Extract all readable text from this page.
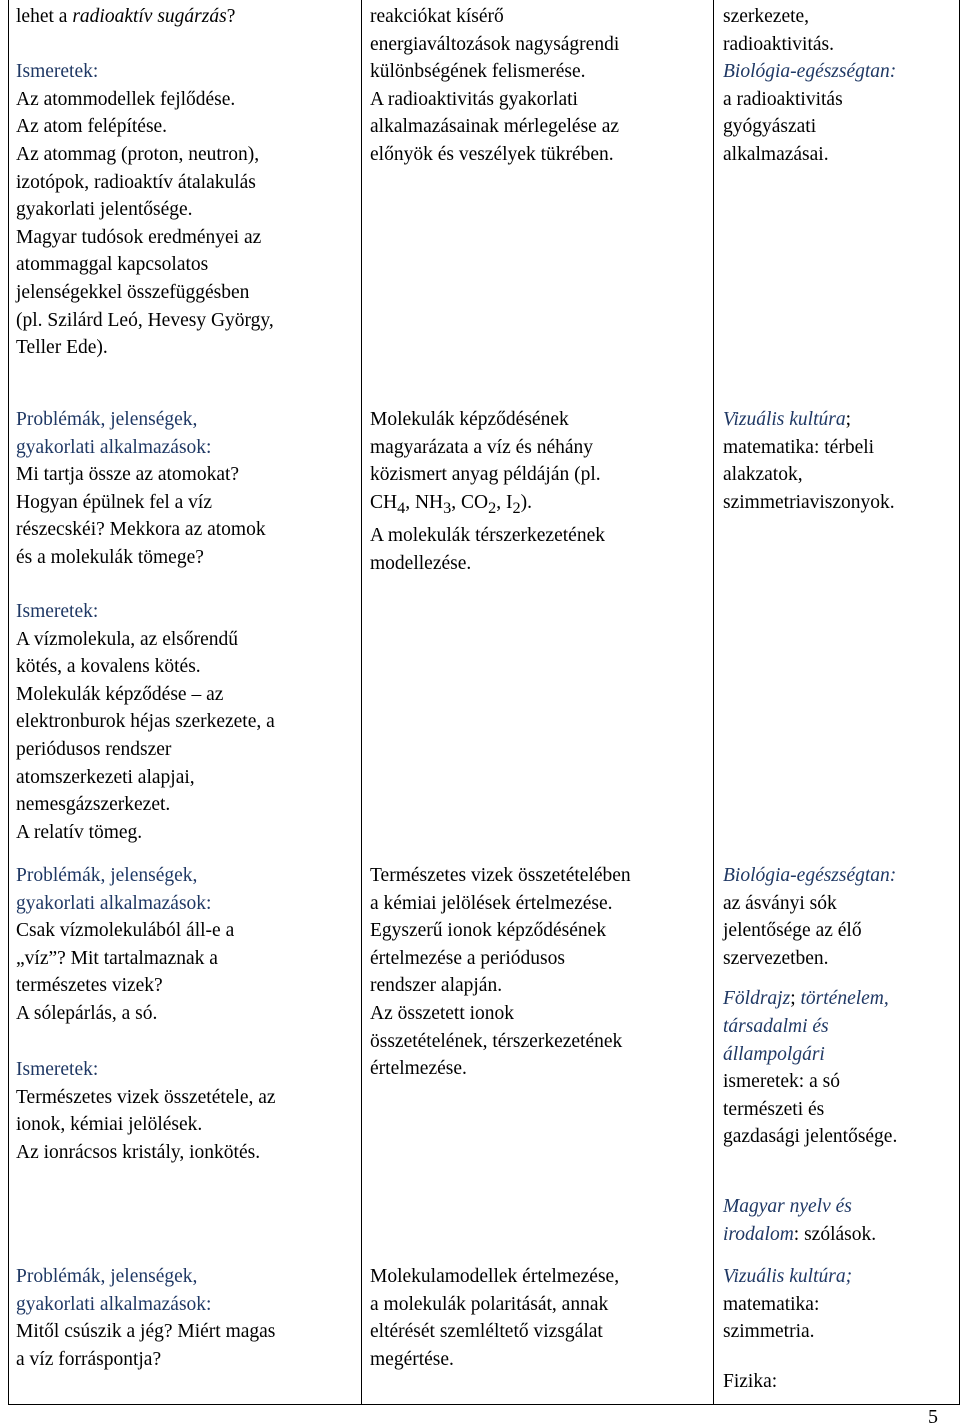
lehet a radioaktív sugárzás?

Ismeretek:

Az atommodellek fejlődése.

Az atom felépítése.

Az atommag (proton, neutron),

izotópok, radioaktív átalakulás

gyakorlati jelentősége.

Magyar tudósok eredményei az

atommaggal kapcsolatos

jelenségekkel összefüggésben

(pl. Szilárd Leó, Hevesy György,

Teller Ede).

Problémák, jelenségek,

gyakorlati alkalmazások:

Mi tartja össze az atomokat?

Hogyan épülnek fel a víz

részecskéi? Mekkora az atomok

és a molekulák tömege?

Ismeretek:

A vízmolekula, az elsőrendű

kötés, a kovalens kötés.

Molekulák képződése – az

elektronburok héjas szerkezete, a

periódusos rendszer

atomszerkezeti alapjai,

nemesgázszerkezet.

A relatív tömeg.

Problémák, jelenségek,

gyakorlati alkalmazások:

Csak vízmolekulából áll-e a

„víz”? Mit tartalmaznak a

természetes vizek?

A sólepárlás, a só.

Ismeretek:

Természetes vizek összetétele, az

ionok, kémiai jelölések.

Az ionrácsos kristály, ionkötés.

Problémák, jelenségek,

gyakorlati alkalmazások:

Mitől csúszik a jég? Miért magas

a víz forráspontja?

reakciókat kísérő

energiaváltozások nagyságrendi

különbségének felismerése.

A radioaktivitás gyakorlati

alkalmazásainak mérlegelése az

előnyök és veszélyek tükrében.

Molekulák képződésének

magyarázata a víz és néhány

közismert anyag példáján (pl.

$CH_4$, $NH_3$, $CO_2$, $I_2$).

A molekulák térszerkezetének

modellezése.

Természetes vizek összetételében

a kémiai jelölések értelmezése.

Egyszerű ionok képződésének

értelmezése a periódusos

rendszer alapján.

Az összetett ionok

összetételének, térszerkezetének

értelmezése.

Molekulamodellek értelmezése,

a molekulák polaritását, annak

eltérését szemléltető vizsgálat

megértése.

szerkezete,

radioaktivitás.

Biológia-egészségtan:

a radioaktivitás

gyógyászati

alkalmazásai.

Vizuális kultúra;

matematika: térbeli

alakzatok,

szimmetriaviszonyok.

Biológia-egészségtan:

az ásványi sók

jelentősége az élő

szervezetben.

Földrajz; történelem,

társadalmi és

állampolgári

ismeretek: a só

természeti és

gazdasági jelentősége.

Magyar nyelv és

irodalom: szólások.

Vizuális kultúra;

matematika:

szimmetria.

Fizika:

5
